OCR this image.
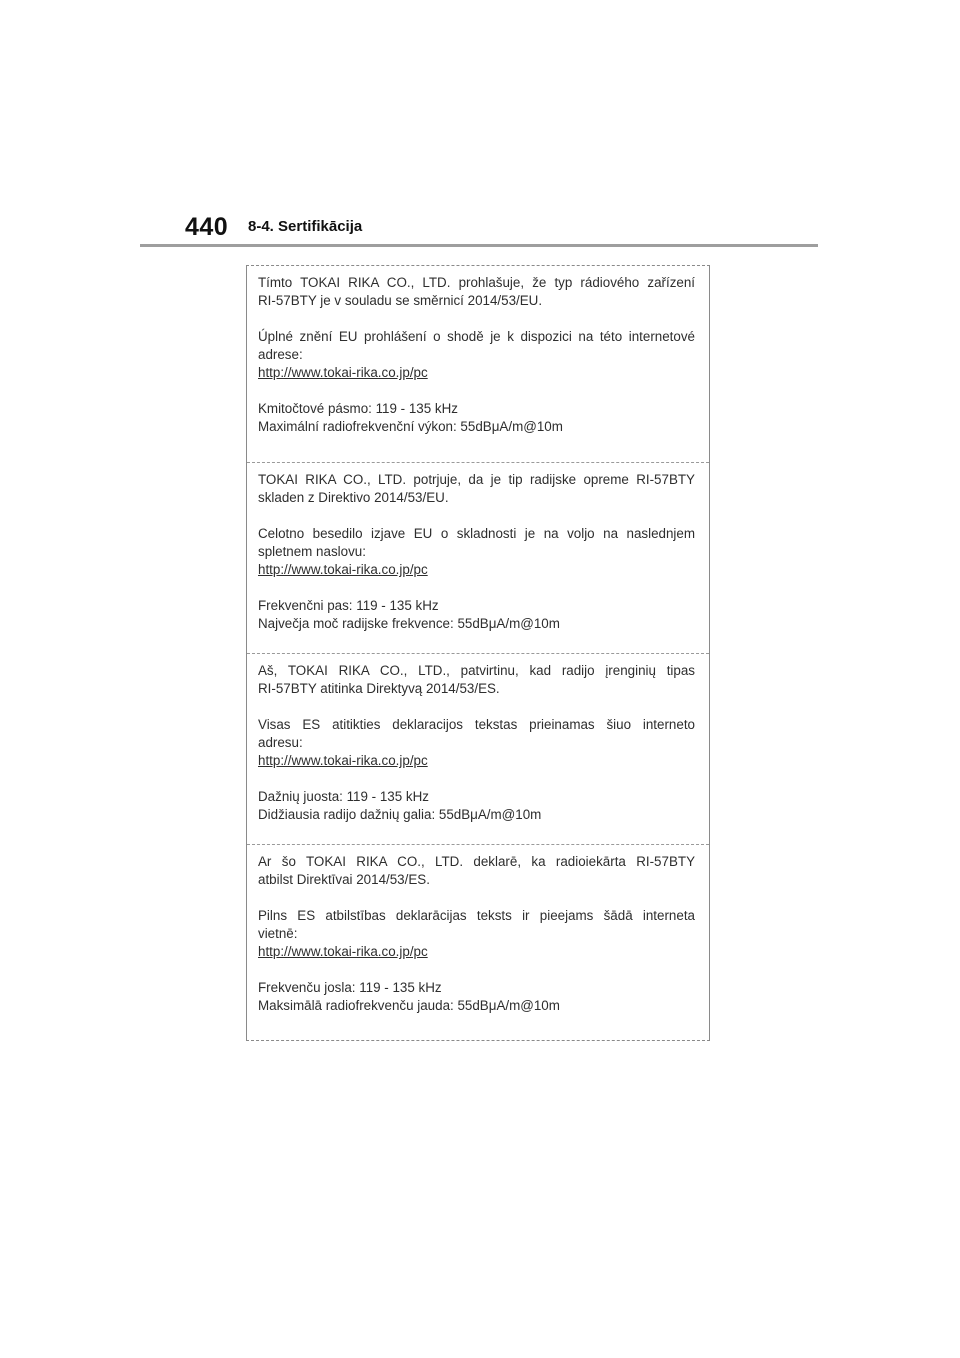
440 8-4. Sertifikācija

Tímto TOKAI RIKA CO., LTD. prohlašuje, že typ rádiového zařízení

RI-57BTY je v souladu se směrnicí 2014/53/EU.

Úplné znění EU prohlášení o shodě je k dispozici na této internetové

adrese:

http://www.tokai-rika.co.jp/pc

Kmitočtové pásmo: 119 - 135 kHz

Maximální radiofrekvenční výkon: 55dBμA/m@10m

TOKAI RIKA CO., LTD. potrjuje, da je tip radijske opreme RI-57BTY

skladen z Direktivo 2014/53/EU.

Celotno besedilo izjave EU o skladnosti je na voljo na naslednjem

spletnem naslovu:

http://www.tokai-rika.co.jp/pc

Frekvenčni pas: 119 - 135 kHz

Največja moč radijske frekvence: 55dBμA/m@10m

Aš, TOKAI RIKA CO., LTD., patvirtinu, kad radijo įrenginių tipas

RI-57BTY atitinka Direktyvą 2014/53/ES.

Visas ES atitikties deklaracijos tekstas prieinamas šiuo interneto

adresu:

http://www.tokai-rika.co.jp/pc

Dažnių juosta: 119 - 135 kHz

Didžiausia radijo dažnių galia: 55dBμA/m@10m

Ar šo TOKAI RIKA CO., LTD. deklarē, ka radioiekārta RI-57BTY

atbilst Direktīvai 2014/53/ES.

Pilns ES atbilstības deklarācijas teksts ir pieejams šādā interneta

vietnē:

http://www.tokai-rika.co.jp/pc

Frekvenču josla: 119 - 135 kHz

Maksimālā radiofrekvenču jauda: 55dBμA/m@10m
